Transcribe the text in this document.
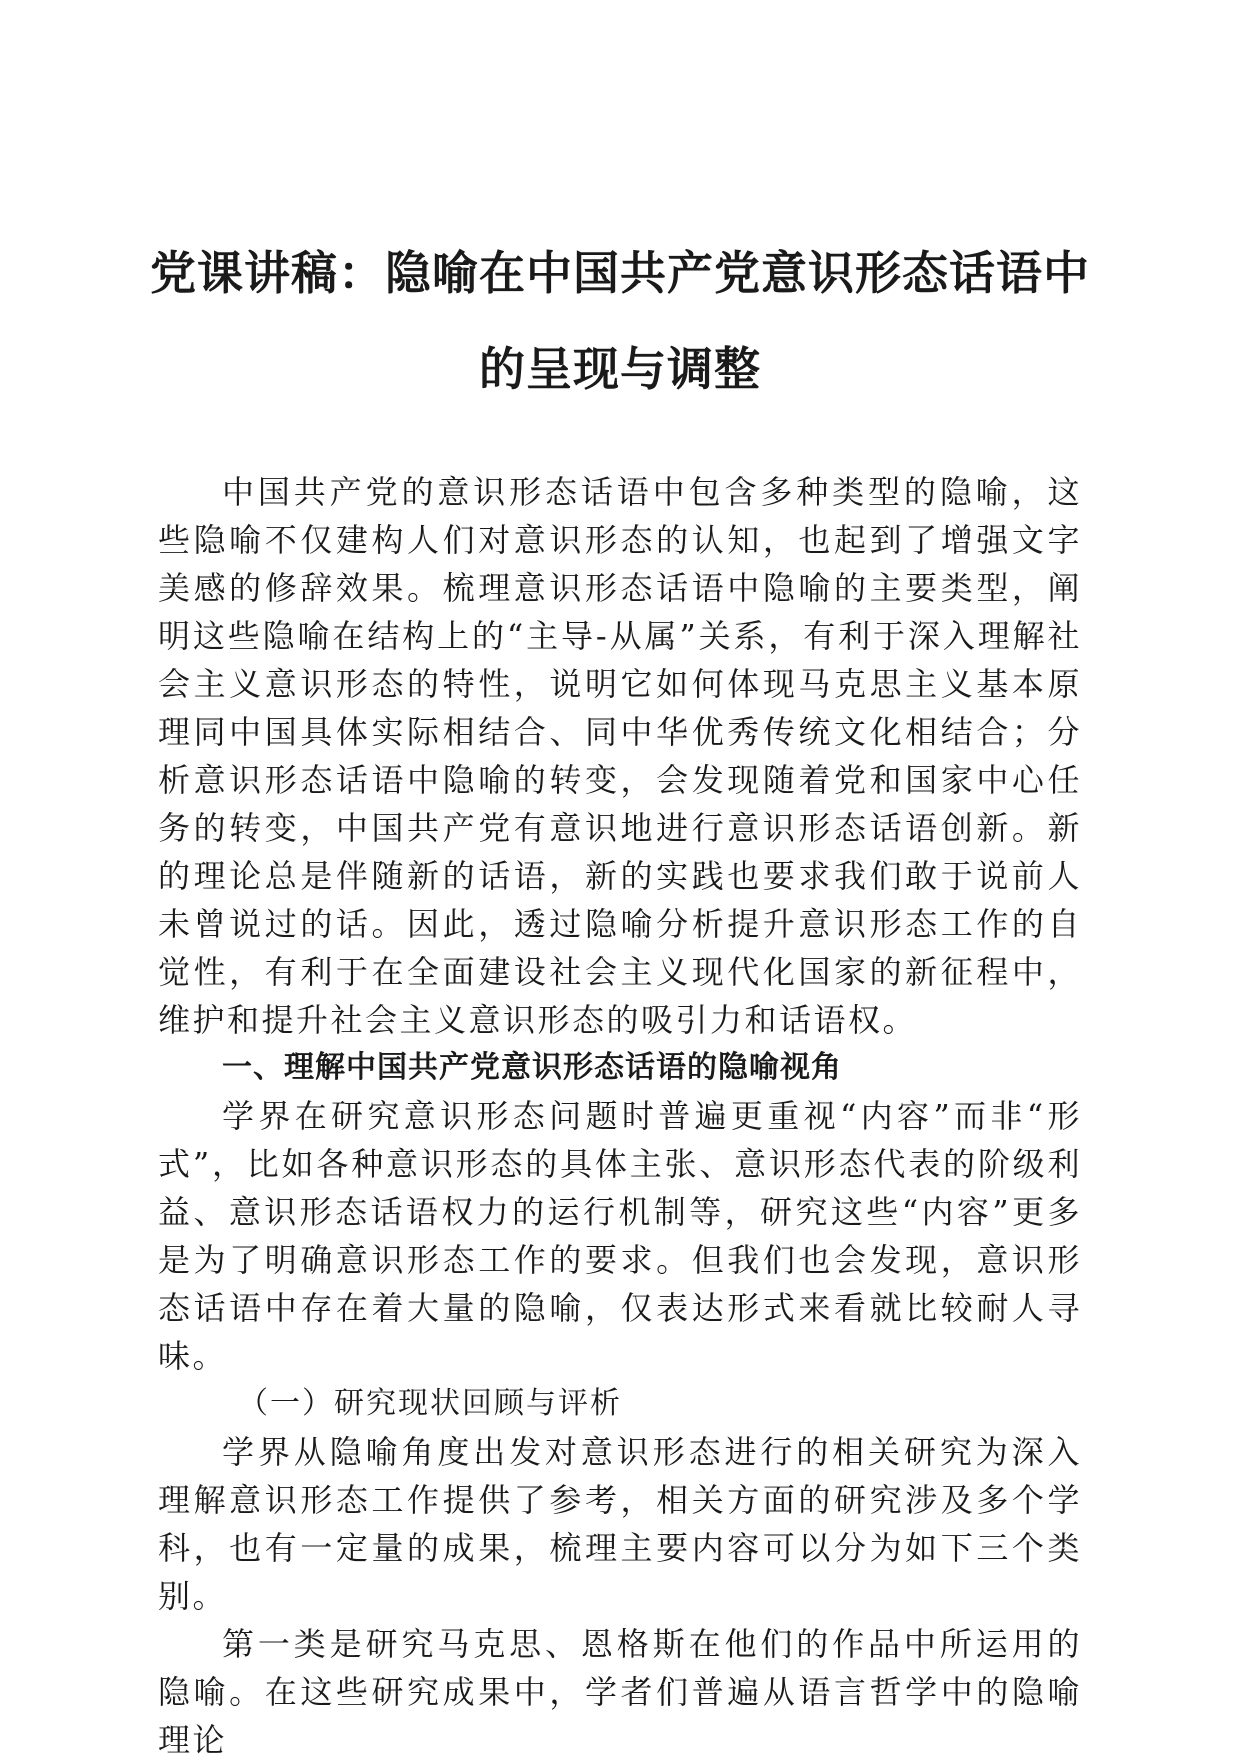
党课讲稿：隐喻在中国共产党意识形态话语中
的呈现与调整

中国共产党的意识形态话语中包含多种类型的隐喻，这些隐喻不仅建构人们对意识形态的认知，也起到了增强文字美感的修辞效果。梳理意识形态话语中隐喻的主要类型，阐明这些隐喻在结构上的“主导-从属”关系，有利于深入理解社会主义意识形态的特性，说明它如何体现马克思主义基本原理同中国具体实际相结合、同中华优秀传统文化相结合；分析意识形态话语中隐喻的转变，会发现随着党和国家中心任务的转变，中国共产党有意识地进行意识形态话语创新。新的理论总是伴随新的话语，新的实践也要求我们敢于说前人未曾说过的话。因此，透过隐喻分析提升意识形态工作的自觉性，有利于在全面建设社会主义现代化国家的新征程中，维护和提升社会主义意识形态的吸引力和话语权。

一、理解中国共产党意识形态话语的隐喻视角

学界在研究意识形态问题时普遍更重视“内容”而非“形式”，比如各种意识形态的具体主张、意识形态代表的阶级利益、意识形态话语权力的运行机制等，研究这些“内容”更多是为了明确意识形态工作的要求。但我们也会发现，意识形态话语中存在着大量的隐喻，仅表达形式来看就比较耐人寻味。

（一）研究现状回顾与评析

学界从隐喻角度出发对意识形态进行的相关研究为深入理解意识形态工作提供了参考，相关方面的研究涉及多个学科，也有一定量的成果，梳理主要内容可以分为如下三个类别。

第一类是研究马克思、恩格斯在他们的作品中所运用的隐喻。在这些研究成果中，学者们普遍从语言哲学中的隐喻理论
